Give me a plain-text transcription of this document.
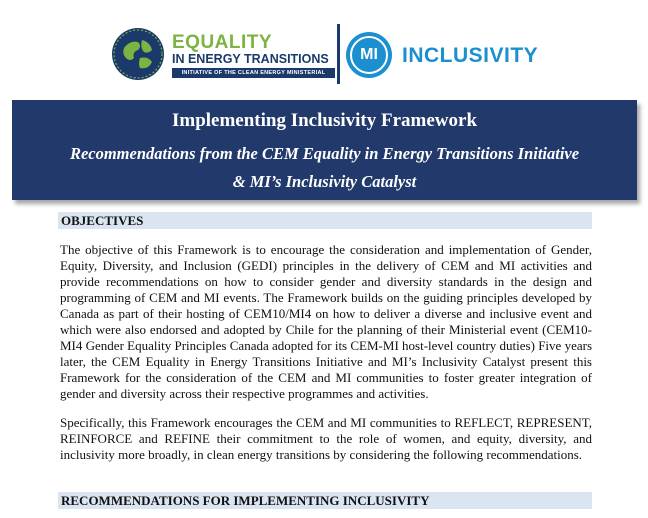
EQUALITY
IN ENERGY TRANSITIONS
INITIATIVE OF THE CLEAN ENERGY MINISTERIAL
MI	INCLUSIVITY
Implementing Inclusivity Framework
Recommendations from the CEM Equality in Energy Transitions Initiative
& MI’s Inclusivity Catalyst
OBJECTIVES

The objective of this Framework is to encourage the consideration and implementation of Gender, Equity, Diversity, and Inclusion (GEDI) principles in the delivery of CEM and MI activities and provide recommendations on how to consider gender and diversity standards in the design and programming of CEM and MI events. The Framework builds on the guiding principles developed by Canada as part of their hosting of CEM10/MI4 on how to deliver a diverse and inclusive event and which were also endorsed and adopted by Chile for the planning of their Ministerial event (CEM10-MI4 Gender Equality Principles Canada adopted for its CEM-MI host-level country duties) Five years later, the CEM Equality in Energy Transitions Initiative and MI’s Inclusivity Catalyst present this Framework for the consideration of the CEM and MI communities to foster greater integration of gender and diversity across their respective programmes and activities.

Specifically, this Framework encourages the CEM and MI communities to REFLECT, REPRESENT, REINFORCE and REFINE their commitment to the role of women, and equity, diversity, and inclusivity more broadly, in clean energy transitions by considering the following recommendations.

RECOMMENDATIONS FOR IMPLEMENTING INCLUSIVITY
